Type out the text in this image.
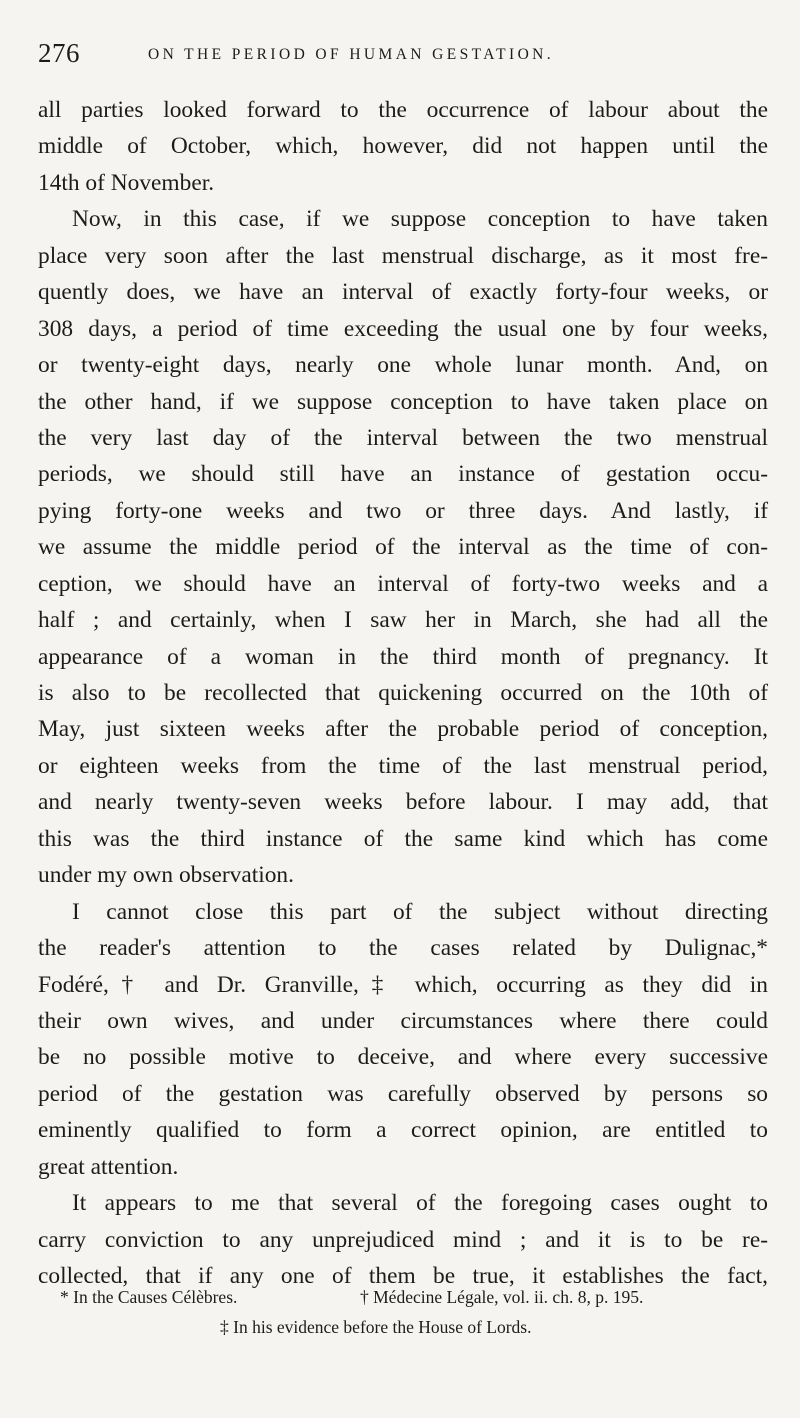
276	ON THE PERIOD OF HUMAN GESTATION.
all parties looked forward to the occurrence of labour about the
middle of October, which, however, did not happen until the
14th of November.
Now, in this case, if we suppose conception to have taken
place very soon after the last menstrual discharge, as it most fre-
quently does, we have an interval of exactly forty-four weeks, or
308 days, a period of time exceeding the usual one by four weeks,
or twenty-eight days, nearly one whole lunar month. And, on
the other hand, if we suppose conception to have taken place on
the very last day of the interval between the two menstrual
periods, we should still have an instance of gestation occu-
pying forty-one weeks and two or three days. And lastly, if
we assume the middle period of the interval as the time of con-
ception, we should have an interval of forty-two weeks and a
half ; and certainly, when I saw her in March, she had all the
appearance of a woman in the third month of pregnancy. It
is also to be recollected that quickening occurred on the 10th of
May, just sixteen weeks after the probable period of conception,
or eighteen weeks from the time of the last menstrual period,
and nearly twenty-seven weeks before labour. I may add, that
this was the third instance of the same kind which has come
under my own observation.
I cannot close this part of the subject without directing
the reader's attention to the cases related by Dulignac,*
Fodéré,† and Dr. Granville,‡ which, occurring as they did in
their own wives, and under circumstances where there could
be no possible motive to deceive, and where every successive
period of the gestation was carefully observed by persons so
eminently qualified to form a correct opinion, are entitled to
great attention.
It appears to me that several of the foregoing cases ought to
carry conviction to any unprejudiced mind ; and it is to be re-
collected, that if any one of them be true, it establishes the fact,
* In the Causes Célèbres.	† Médecine Légale, vol. ii. ch. 8, p. 195.
‡ In his evidence before the House of Lords.
